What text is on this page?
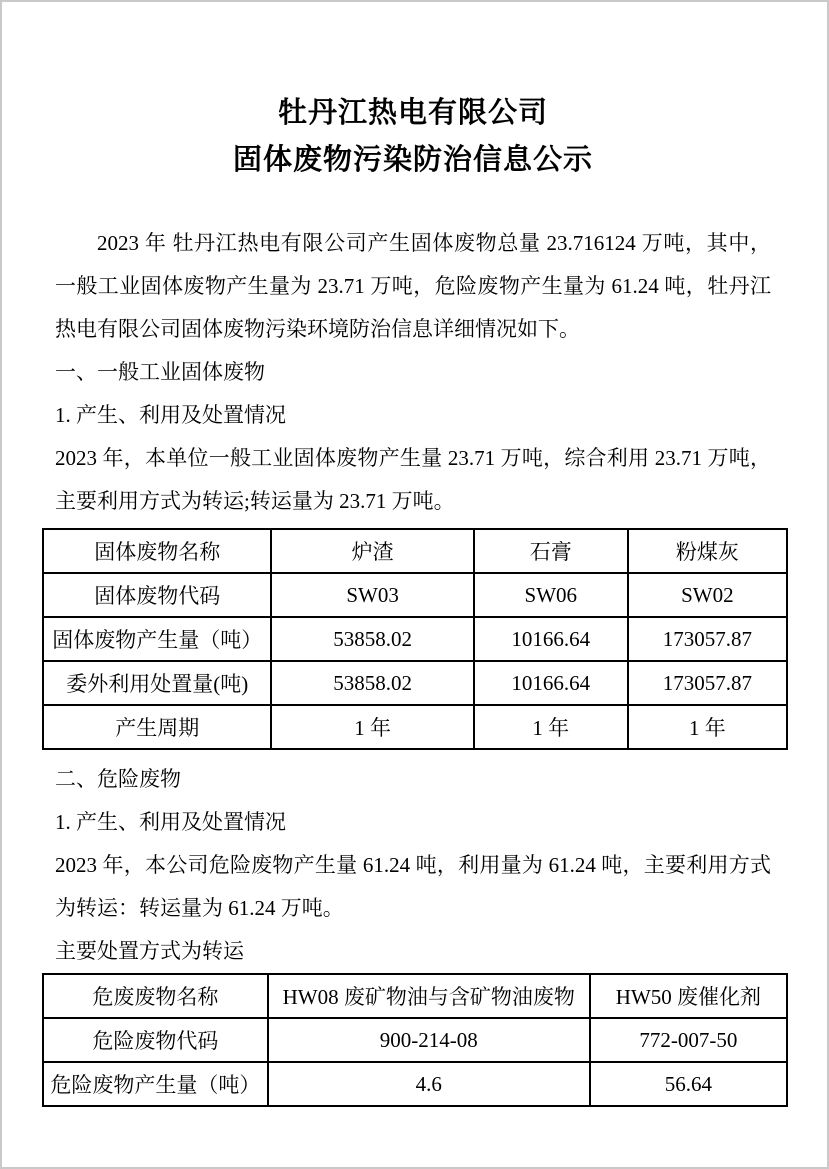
牡丹江热电有限公司
固体废物污染防治信息公示

2023 年 牡丹江热电有限公司产生固体废物总量 23.716124 万吨，其中，一般工业固体废物产生量为 23.71 万吨，危险废物产生量为 61.24 吨，牡丹江热电有限公司固体废物污染环境防治信息详细情况如下。

一、一般工业固体废物

1. 产生、利用及处置情况

2023 年，本单位一般工业固体废物产生量 23.71 万吨，综合利用 23.71 万吨，主要利用方式为转运;转运量为 23.71 万吨。

固体废物名称	炉渣	石膏	粉煤灰
固体废物代码	SW03	SW06	SW02
固体废物产生量（吨）	53858.02	10166.64	173057.87
委外利用处置量(吨)	53858.02	10166.64	173057.87
产生周期	1 年	1 年	1 年

二、危险废物

1. 产生、利用及处置情况

2023 年，本公司危险废物产生量 61.24 吨，利用量为 61.24 吨，主要利用方式为转运：转运量为 61.24 万吨。

主要处置方式为转运

危废废物名称	HW08 废矿物油与含矿物油废物	HW50 废催化剂
危险废物代码	900-214-08	772-007-50
危险废物产生量（吨）	4.6	56.64
